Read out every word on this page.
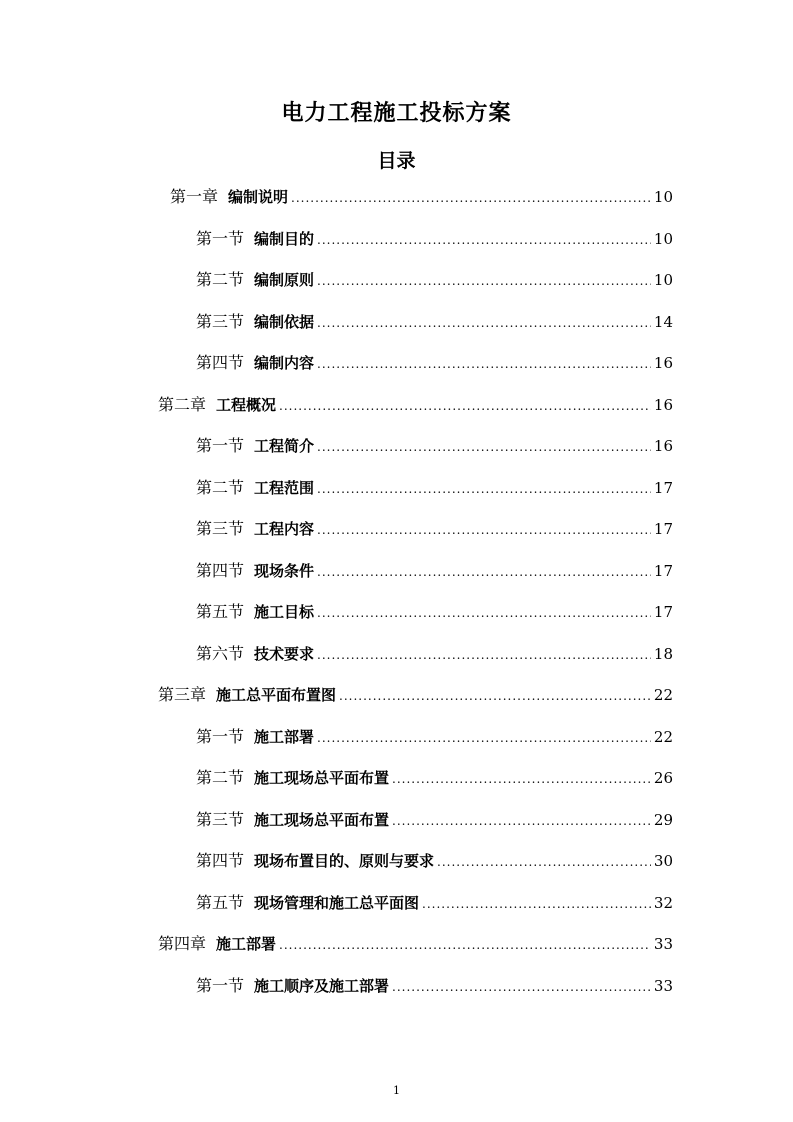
电力工程施工投标方案
目录
第一章 编制说明 .....	10
第一节 编制目的 .....	10
第二节 编制原则 .....	10
第三节 编制依据 .....	14
第四节 编制内容 .....	16
第二章 工程概况 .....	16
第一节 工程简介 .....	16
第二节 工程范围 .....	17
第三节 工程内容 .....	17
第四节 现场条件 .....	17
第五节 施工目标 .....	17
第六节 技术要求 .....	18
第三章 施工总平面布置图 .....	22
第一节 施工部署 .....	22
第二节 施工现场总平面布置 .....	26
第三节 施工现场总平面布置 .....	29
第四节 现场布置目的、原则与要求 .....	30
第五节 现场管理和施工总平面图 .....	32
第四章 施工部署 .....	33
第一节 施工顺序及施工部署 .....	33
1
